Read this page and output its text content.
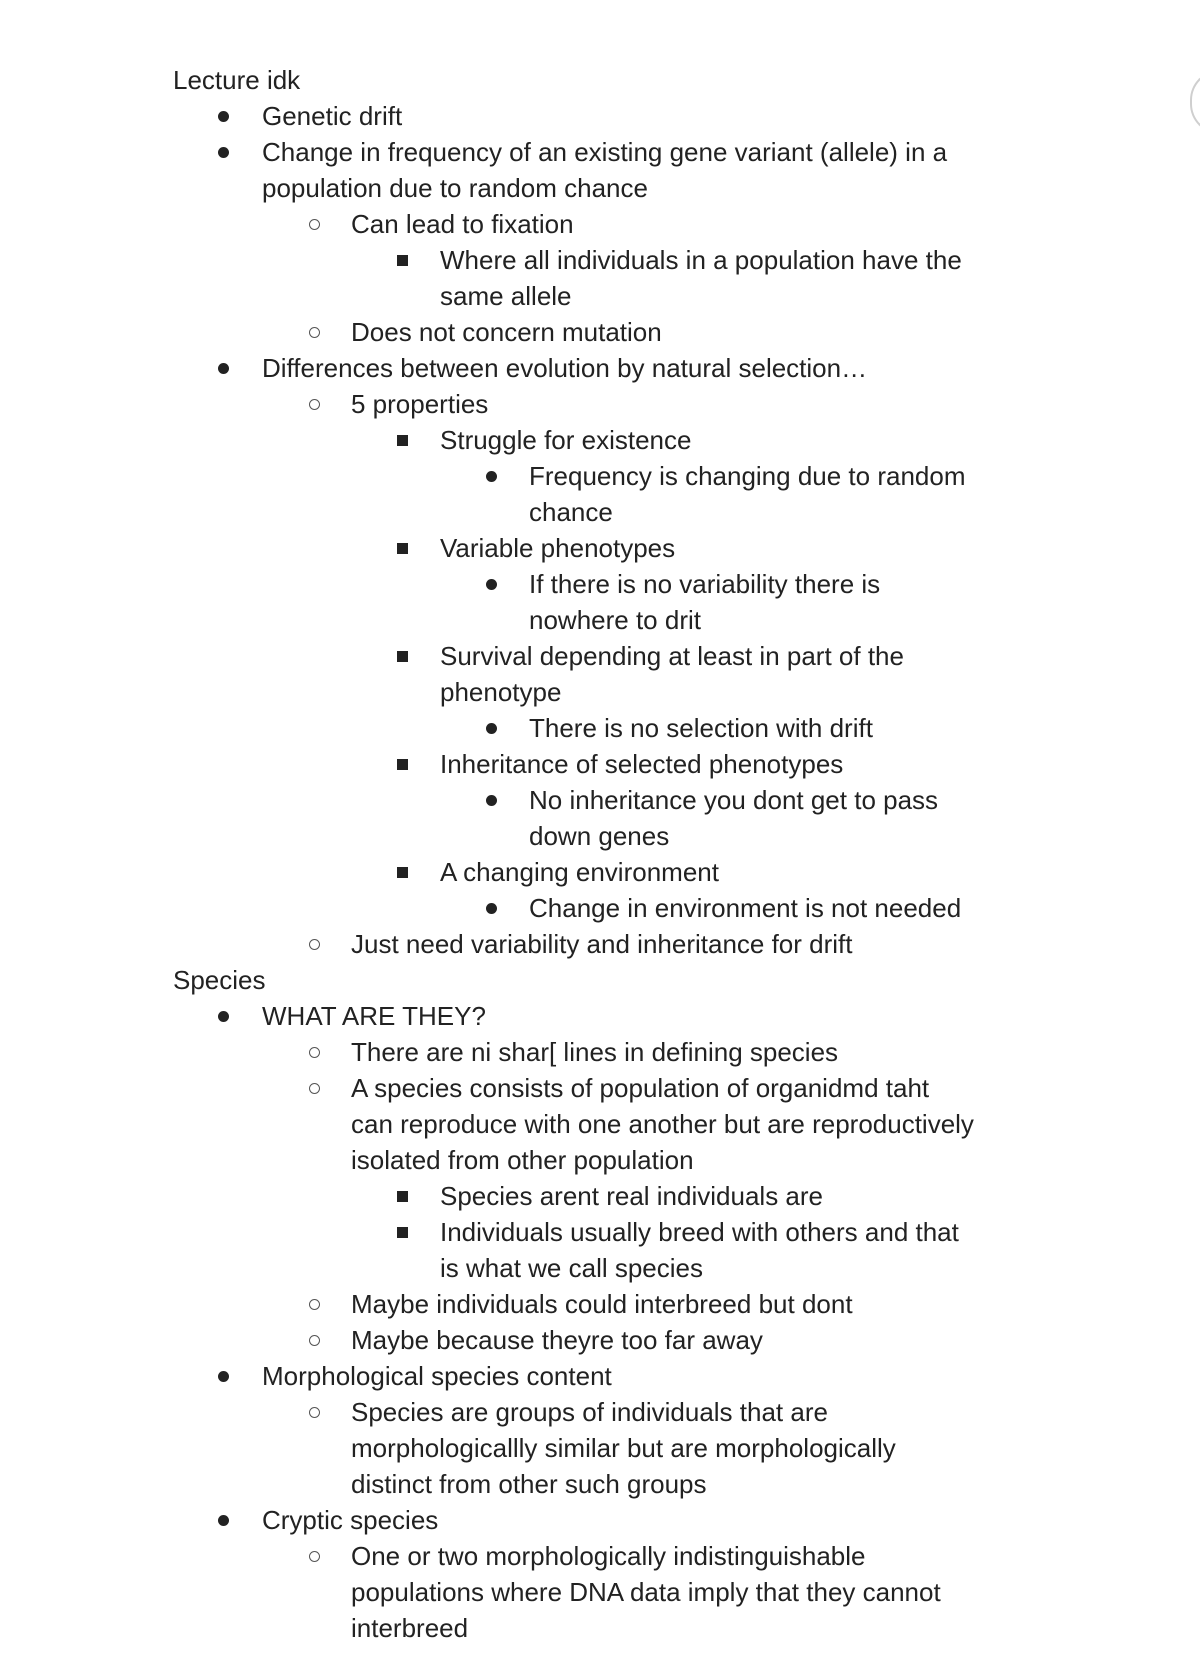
Lecture idk
Genetic drift
Change in frequency of an existing gene variant (allele) in a
population due to random chance
Can lead to fixation
Where all individuals in a population have the
same allele
Does not concern mutation
Differences between evolution by natural selection…
5 properties
Struggle for existence
Frequency is changing due to random
chance
Variable phenotypes
If there is no variability there is
nowhere to drit
Survival depending at least in part of the
phenotype
There is no selection with drift
Inheritance of selected phenotypes
No inheritance you dont get to pass
down genes
A changing environment
Change in environment is not needed
Just need variability and inheritance for drift
Species
WHAT ARE THEY?
There are ni shar[ lines in defining species
A species consists of population of organidmd taht
can reproduce with one another but are reproductively
isolated from other population
Species arent real individuals are
Individuals usually breed with others and that
is what we call species
Maybe individuals could interbreed but dont
Maybe because theyre too far away
Morphological species content
Species are groups of individuals that are
morphologicallly similar but are morphologically
distinct from other such groups
Cryptic species
One or two morphologically indistinguishable
populations where DNA data imply that they cannot
interbreed
